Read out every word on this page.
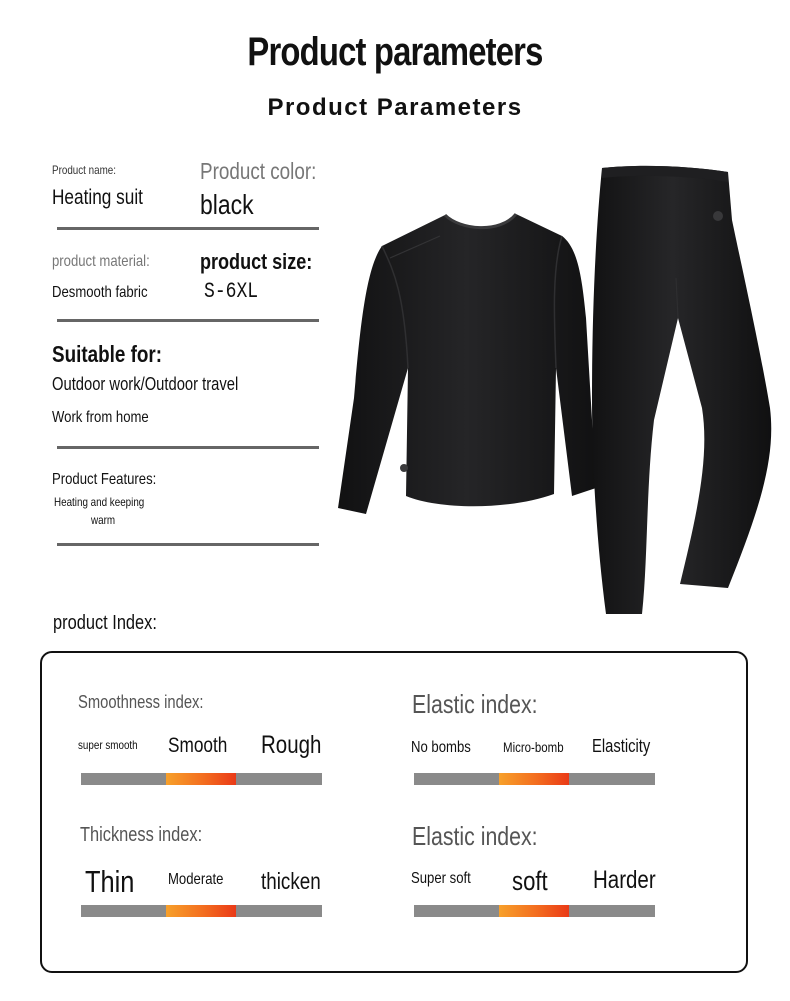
Product parameters
Product Parameters
Product name:
Heating suit
Product color:
black
product material:
Desmooth fabric
product size:
S-6XL
Suitable for:
Outdoor work/Outdoor travel
Work from home
Product Features:
Heating and keeping
warm
product Index:
Smoothness index:
super smooth Smooth Rough
Elastic index:
No bombs Micro-bomb Elasticity
Thickness index:
Thin Moderate thicken
Elastic index:
Super soft soft Harder
